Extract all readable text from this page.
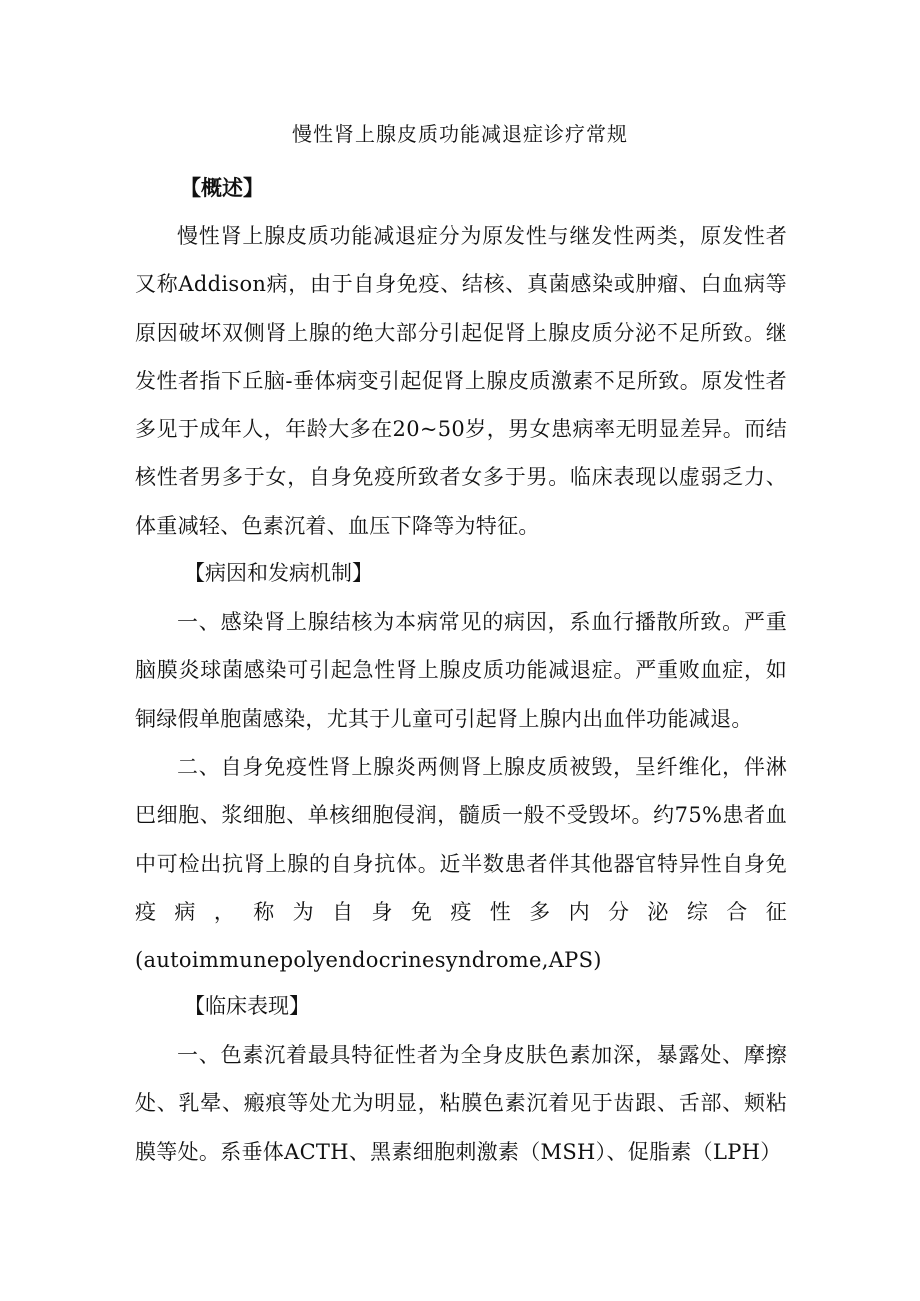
慢性肾上腺皮质功能减退症诊疗常规
【概述】

慢性肾上腺皮质功能减退症分为原发性与继发性两类，原发性者又称Addison病，由于自身免疫、结核、真菌感染或肿瘤、白血病等原因破坏双侧肾上腺的绝大部分引起促肾上腺皮质分泌不足所致。继发性者指下丘脑-垂体病变引起促肾上腺皮质激素不足所致。原发性者多见于成年人，年龄大多在20~50岁，男女患病率无明显差异。而结核性者男多于女，自身免疫所致者女多于男。临床表现以虚弱乏力、体重减轻、色素沉着、血压下降等为特征。

【病因和发病机制】

一、感染肾上腺结核为本病常见的病因，系血行播散所致。严重脑膜炎球菌感染可引起急性肾上腺皮质功能减退症。严重败血症，如铜绿假单胞菌感染，尤其于儿童可引起肾上腺内出血伴功能减退。

二、自身免疫性肾上腺炎两侧肾上腺皮质被毁，呈纤维化，伴淋巴细胞、浆细胞、单核细胞侵润，髓质一般不受毁坏。约75%患者血中可检出抗肾上腺的自身抗体。近半数患者伴其他器官特异性自身免疫病，称为自身免疫性多内分泌综合征(autoimmunepolyendocrinesyndrome,APS)

【临床表现】

一、色素沉着最具特征性者为全身皮肤色素加深，暴露处、摩擦处、乳晕、瘢痕等处尤为明显，粘膜色素沉着见于齿跟、舌部、颊粘膜等处。系垂体ACTH、黑素细胞刺激素（MSH）、促脂素（LPH）
